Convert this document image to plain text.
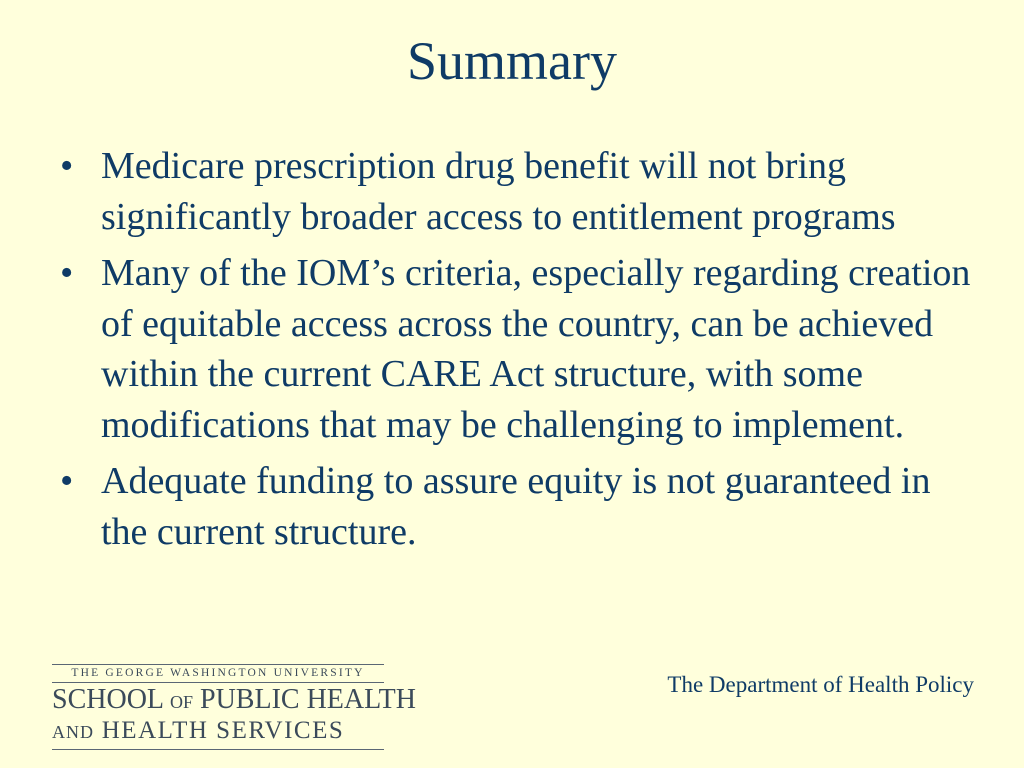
Summary
• Medicare prescription drug benefit will not bring significantly broader access to entitlement programs
• Many of the IOM’s criteria, especially regarding creation of equitable access across the country, can be achieved within the current CARE Act structure, with some modifications that may be challenging to implement.
• Adequate funding to assure equity is not guaranteed in the current structure.
THE GEORGE WASHINGTON UNIVERSITY
SCHOOL OF PUBLIC HEALTH
AND HEALTH SERVICES
The Department of Health Policy
